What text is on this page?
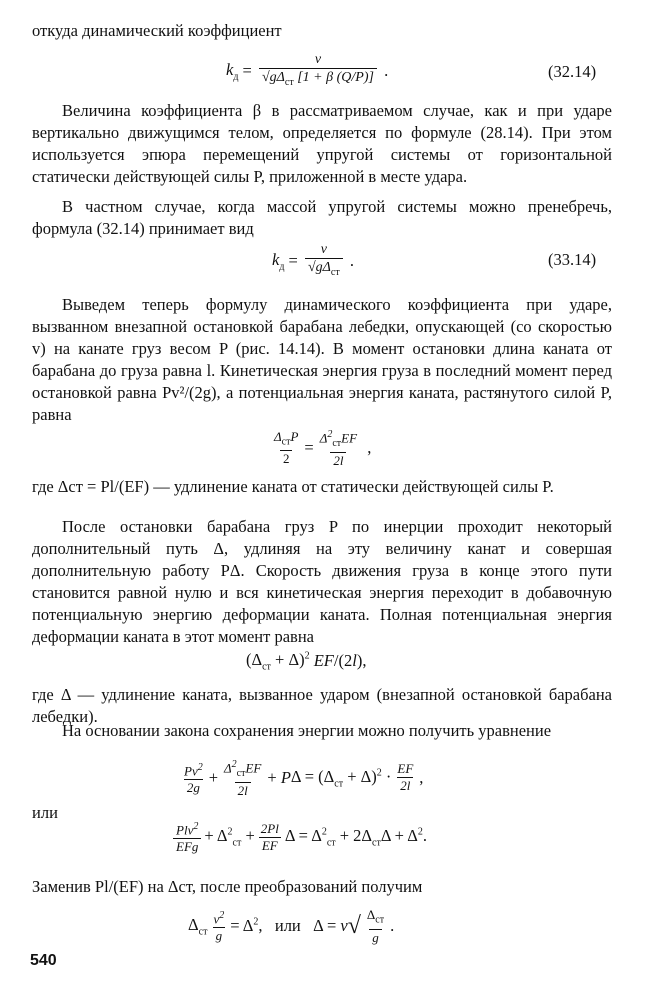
откуда динамический коэффициент
$k_д = \frac{v}{√g\Delta_{ст} [1 + \beta (Q/P)]}$ .	(32.14)
Величина коэффициента β в рассматриваемом случае, как и при ударе вертикально движущимся телом, определяется по формуле (28.14). При этом используется эпюра перемещений упругой системы от горизонтальной статически действующей силы P, приложенной в месте удара.
В частном случае, когда массой упругой системы можно пренебречь, формула (32.14) принимает вид
$k_д = \frac{v}{√g\Delta_{ст}}$ .	(33.14)
Выведем теперь формулу динамического коэффициента при ударе, вызванном внезапной остановкой барабана лебедки, опускающей (со скоростью v) на канате груз весом P (рис. 14.14). В момент остановки длина каната от барабана до груза равна l. Кинетическая энергия груза в последний момент перед остановкой равна Pv²/(2g), а потенциальная энергия каната, растянутого силой P, равна
$\frac{\Delta_{ст}P}{2} = \frac{\Delta^2_{ст}EF}{2l}$ ,
где Δст = Pl/(EF) — удлинение каната от статически действующей силы P.
После остановки барабана груз P по инерции проходит некоторый дополнительный путь Δ, удлиняя на эту величину канат и совершая дополнительную работу PΔ. Скорость движения груза в конце этого пути становится равной нулю и вся кинетическая энергия переходит в добавочную потенциальную энергию деформации каната. Полная потенциальная энергия деформации каната в этот момент равна
$(\Delta_{ст} + \Delta)^2$
EF /(2 l ),
где Δ — удлинение каната, вызванное ударом (внезапной остановкой барабана лебедки).
На основании закона сохранения энергии можно получить уравнение
$\frac{Pv^2}{2g} + \frac{\Delta^2_{ст}EF}{2l} + P$ $\Delta = (\Delta_{ст} + \Delta)^2 \cdot \frac{EF}{2l}$ ,
или
$\frac{Plv^2}{\text{EFg}} + \Delta^2_{ст} + \frac{2Pl}{EF}$ $\Delta = \Delta^2_{ст} + 2\Delta_{ст}\Delta + \Delta^2$.
Заменив Pl/(EF) на Δст, после преобразований получим
$\Delta_{ст} \frac{v^2}{g} = \Delta^2$, или Δ = v √ $\frac{\Delta_{ст}}{g}$ .
540
